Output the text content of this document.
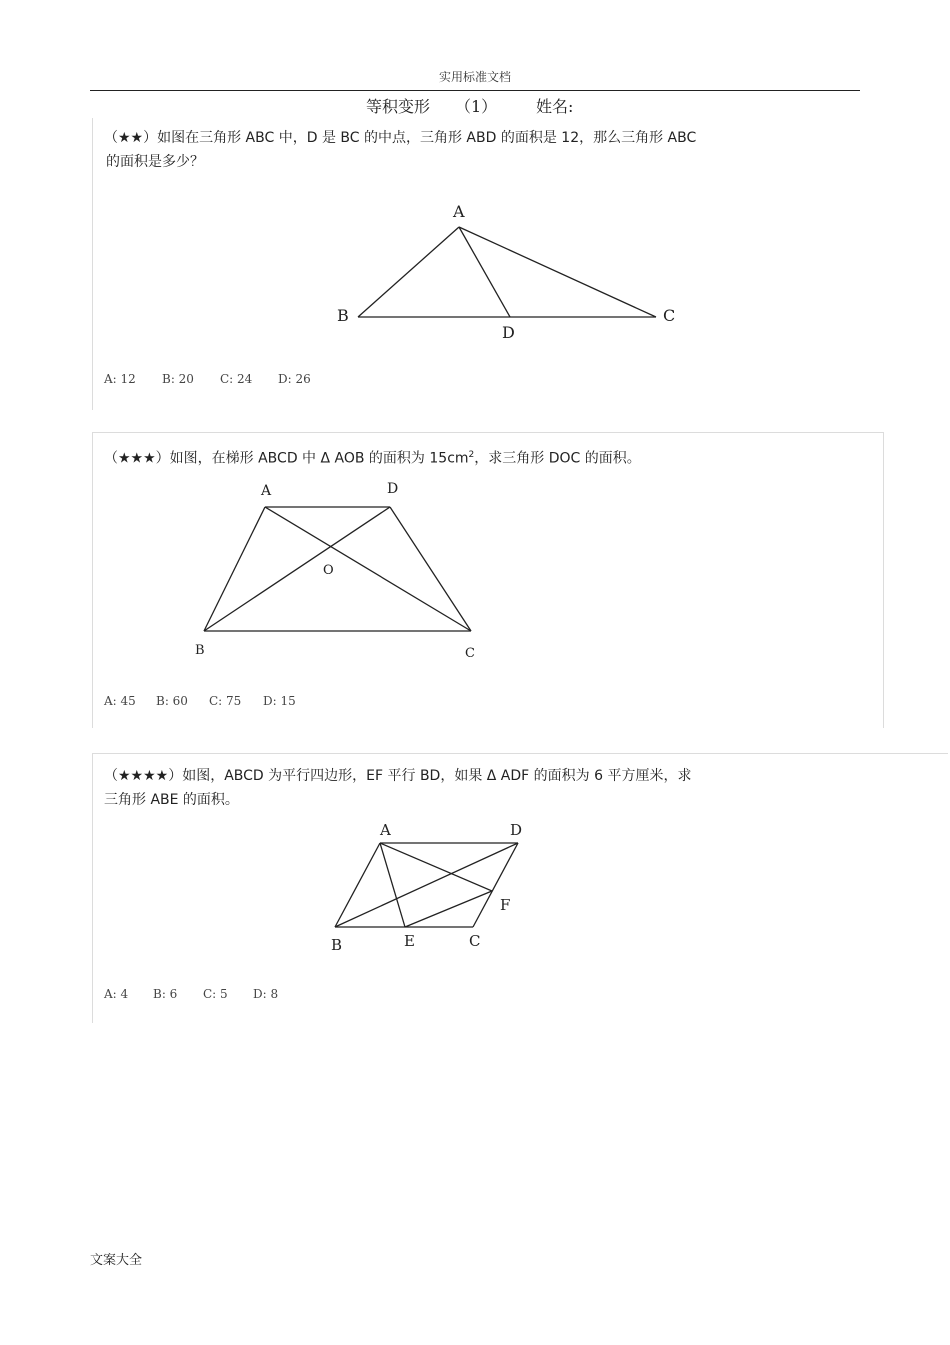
实用标准文档
等积变形 （1） 姓名:
（★★）如图在三角形 ABC 中，D 是 BC 的中点，三角形 ABD 的面积是 12，那么三角形 ABC
的面积是多少？
A
B	C
D
A: 12 B: 20 C: 24 D: 26
（★★★）如图，在梯形 ABCD 中 Δ AOB 的面积为 $15cm^2$，求三角形 DOC 的面积。
A	D
O
B	C
A: 45 B: 60 C: 75 D: 15
（★★★★）如图，ABCD 为平行四边形，EF 平行 BD，如果 Δ ADF 的面积为 6 平方厘米，求
三角形 ABE 的面积。
A	D
F
B	E	C
A: 4 B: 6 C: 5 D: 8
文案大全
